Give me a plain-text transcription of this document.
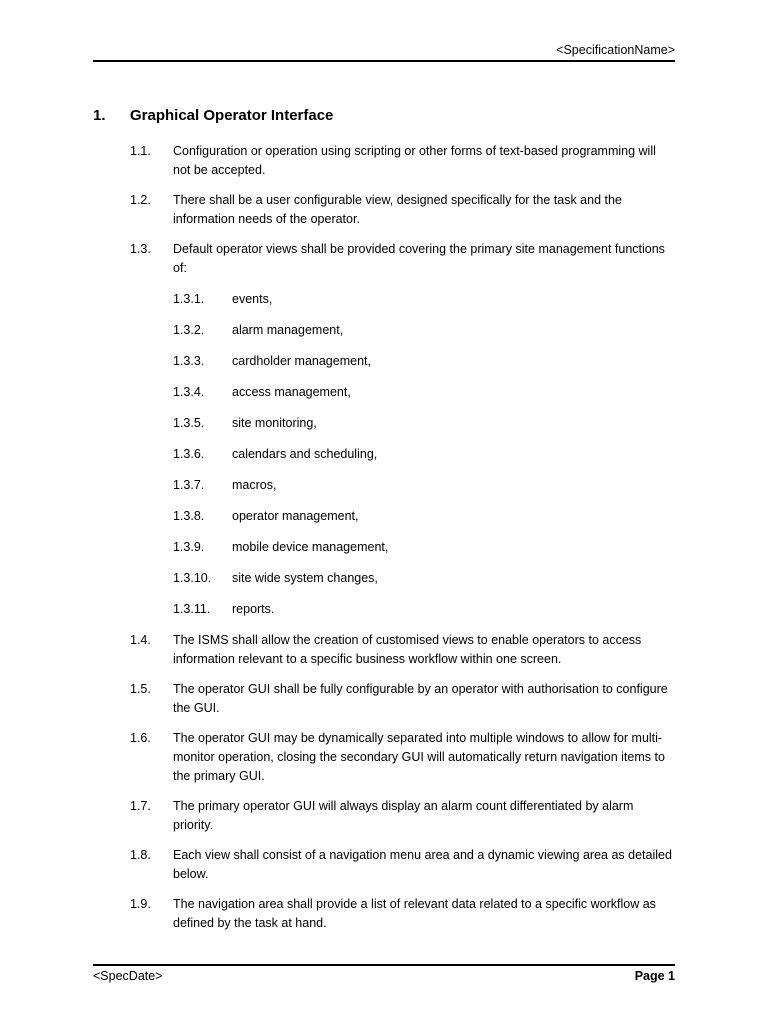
<SpecificationName>
1. Graphical Operator Interface
1.1. Configuration or operation using scripting or other forms of text-based programming will not be accepted.
1.2. There shall be a user configurable view, designed specifically for the task and the information needs of the operator.
1.3. Default operator views shall be provided covering the primary site management functions of:
1.3.1. events,
1.3.2. alarm management,
1.3.3. cardholder management,
1.3.4. access management,
1.3.5. site monitoring,
1.3.6. calendars and scheduling,
1.3.7. macros,
1.3.8. operator management,
1.3.9. mobile device management,
1.3.10. site wide system changes,
1.3.11. reports.
1.4. The ISMS shall allow the creation of customised views to enable operators to access information relevant to a specific business workflow within one screen.
1.5. The operator GUI shall be fully configurable by an operator with authorisation to configure the GUI.
1.6. The operator GUI may be dynamically separated into multiple windows to allow for multi-monitor operation, closing the secondary GUI will automatically return navigation items to the primary GUI.
1.7. The primary operator GUI will always display an alarm count differentiated by alarm priority.
1.8. Each view shall consist of a navigation menu area and a dynamic viewing area as detailed below.
1.9. The navigation area shall provide a list of relevant data related to a specific workflow as defined by the task at hand.
<SpecDate>	Page 1
